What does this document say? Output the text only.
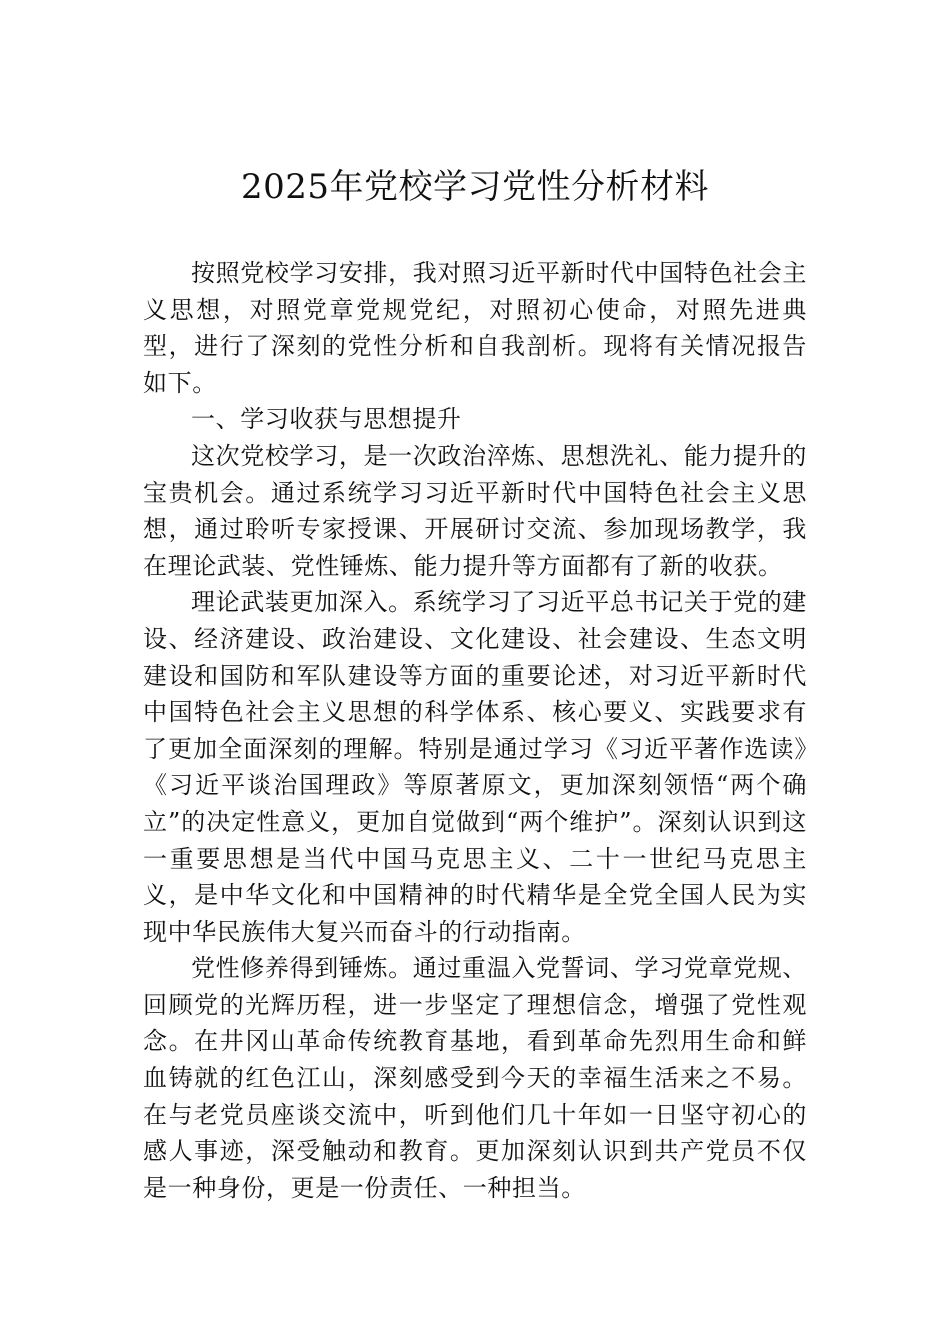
2025年党校学习党性分析材料

按照党校学习安排，我对照习近平新时代中国特色社会主义思想，对照党章党规党纪，对照初心使命，对照先进典型，进行了深刻的党性分析和自我剖析。现将有关情况报告如下。

一、学习收获与思想提升

这次党校学习，是一次政治淬炼、思想洗礼、能力提升的宝贵机会。通过系统学习习近平新时代中国特色社会主义思想，通过聆听专家授课、开展研讨交流、参加现场教学，我在理论武装、党性锤炼、能力提升等方面都有了新的收获。

理论武装更加深入。系统学习了习近平总书记关于党的建设、经济建设、政治建设、文化建设、社会建设、生态文明建设和国防和军队建设等方面的重要论述，对习近平新时代中国特色社会主义思想的科学体系、核心要义、实践要求有了更加全面深刻的理解。特别是通过学习《习近平著作选读》《习近平谈治国理政》等原著原文，更加深刻领悟“两个确立”的决定性意义，更加自觉做到“两个维护”。深刻认识到这一重要思想是当代中国马克思主义、二十一世纪马克思主义，是中华文化和中国精神的时代精华是全党全国人民为实现中华民族伟大复兴而奋斗的行动指南。

党性修养得到锤炼。通过重温入党誓词、学习党章党规、回顾党的光辉历程，进一步坚定了理想信念，增强了党性观念。在井冈山革命传统教育基地，看到革命先烈用生命和鲜血铸就的红色江山，深刻感受到今天的幸福生活来之不易。在与老党员座谈交流中，听到他们几十年如一日坚守初心的感人事迹，深受触动和教育。更加深刻认识到共产党员不仅是一种身份，更是一份责任、一种担当。
